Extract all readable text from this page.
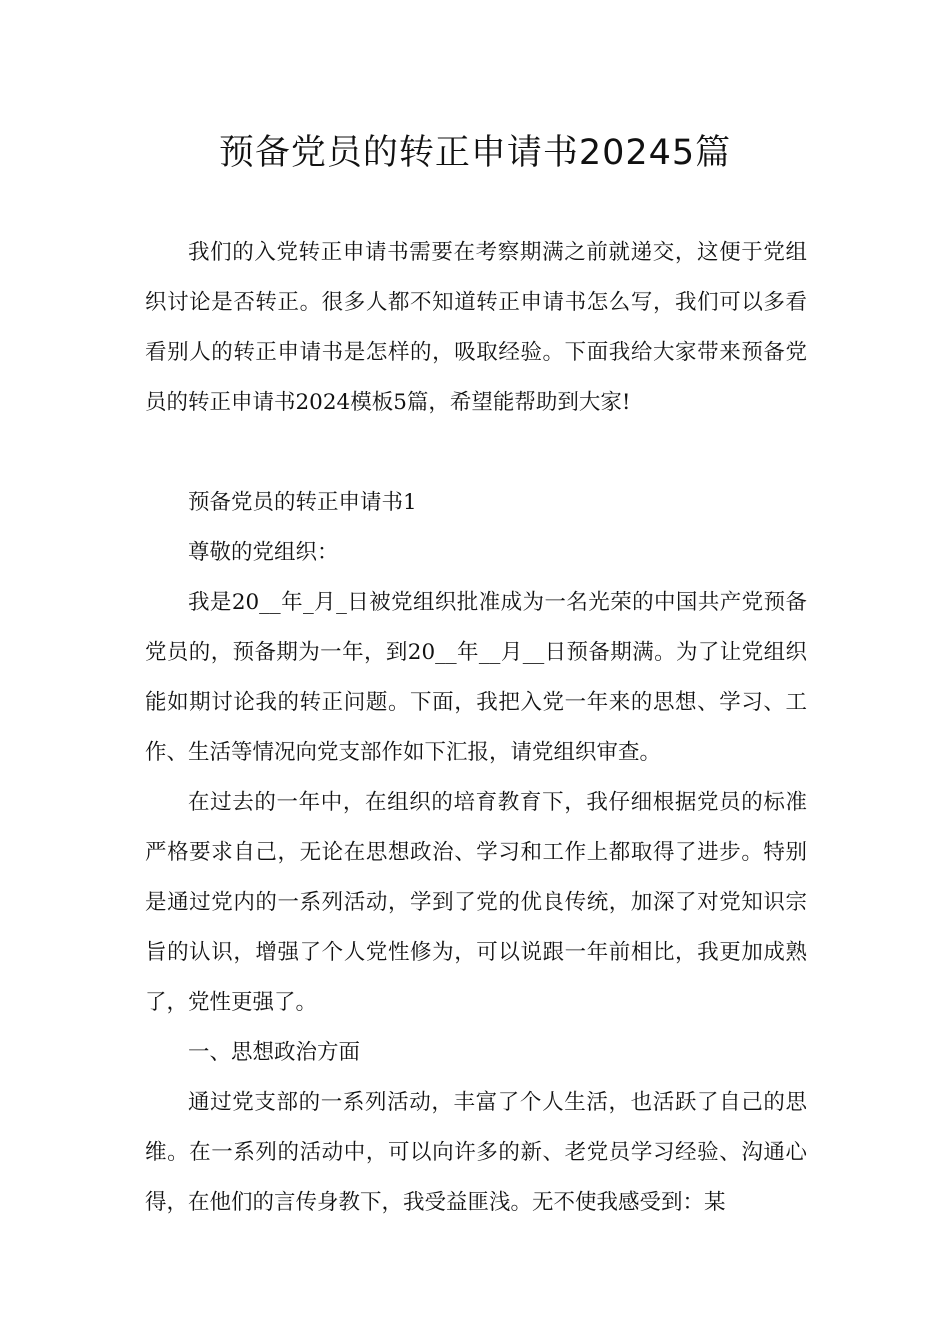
预备党员的转正申请书20245篇

我们的入党转正申请书需要在考察期满之前就递交，这便于党组织讨论是否转正。很多人都不知道转正申请书怎么写，我们可以多看看别人的转正申请书是怎样的，吸取经验。下面我给大家带来预备党员的转正申请书2024模板5篇，希望能帮助到大家!

预备党员的转正申请书1

尊敬的党组织：

我是20__年_月_日被党组织批准成为一名光荣的中国共产党预备党员的，预备期为一年，到20__年__月__日预备期满。为了让党组织能如期讨论我的转正问题。下面，我把入党一年来的思想、学习、工作、生活等情况向党支部作如下汇报，请党组织审查。

在过去的一年中，在组织的培育教育下，我仔细根据党员的标准严格要求自己，无论在思想政治、学习和工作上都取得了进步。特别是通过党内的一系列活动，学到了党的优良传统，加深了对党知识宗旨的认识，增强了个人党性修为，可以说跟一年前相比，我更加成熟了，党性更强了。

一、思想政治方面

通过党支部的一系列活动，丰富了个人生活，也活跃了自己的思维。在一系列的活动中，可以向许多的新、老党员学习经验、沟通心得，在他们的言传身教下，我受益匪浅。无不使我感受到：某
